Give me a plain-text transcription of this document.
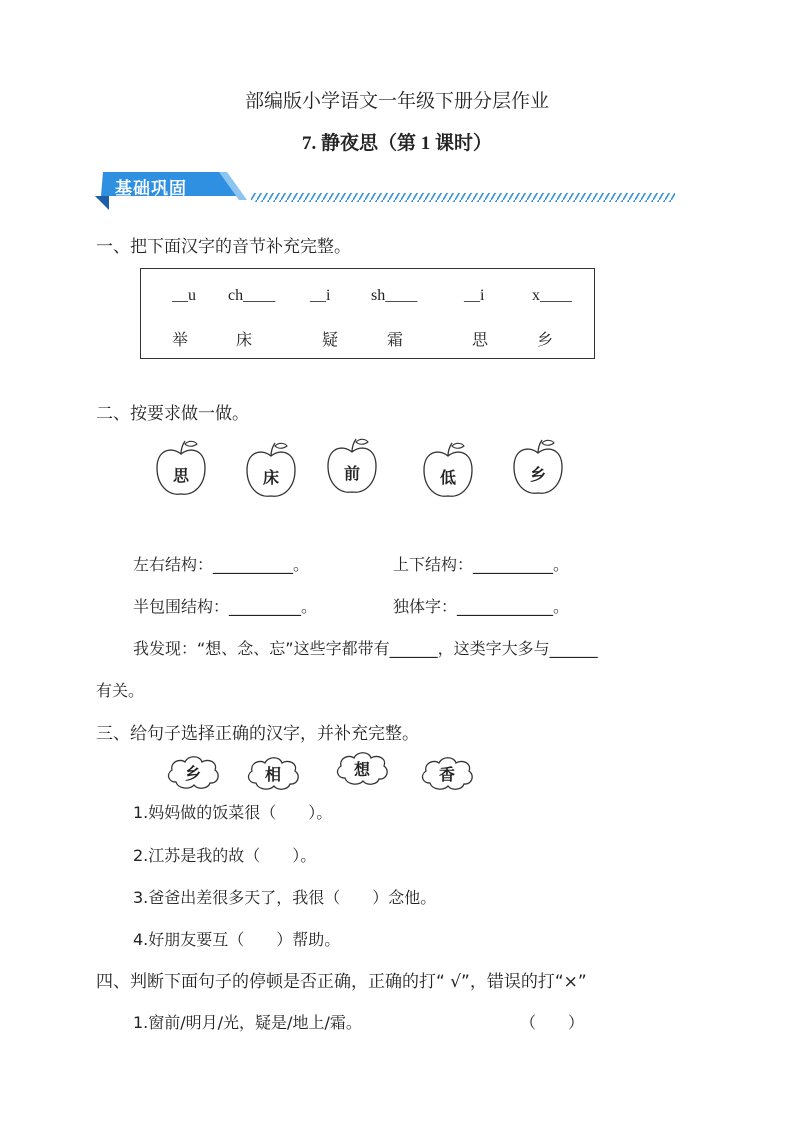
部编版小学语文一年级下册分层作业
7. 静夜思（第 1 课时）
基础巩固
一、把下面汉字的音节补充完整。
__u ch____ __i	sh____	__i	x____
举	床	疑	霜	思	乡
二、按要求做一做。
思	床	前	低	乡
左右结构：__________。	上下结构：__________。
半包围结构：_________。	独体字：____________。
我发现：“想、念、忘”这些字都带有______，这类字大多与______
有关。
三、给句子选择正确的汉字，并补充完整。
乡	相	想	香
1.妈妈做的饭菜很（　　）。
2.江苏是我的故（　　）。
3.爸爸出差很多天了，我很（　　）念他。
4.好朋友要互（　　）帮助。
四、判断下面句子的停顿是否正确，正确的打“ √”，错误的打“×”
1.窗前/明月/光，疑是/地上/霜。	（　　）
